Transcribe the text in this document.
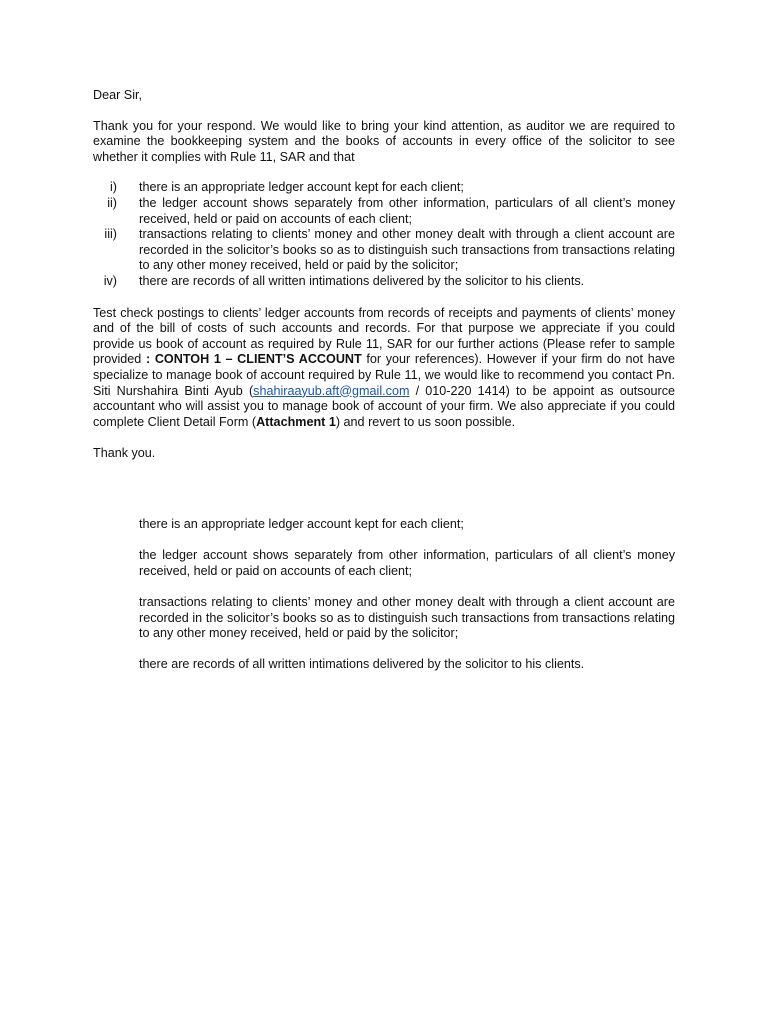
Dear Sir,

Thank you for your respond. We would like to bring your kind attention, as auditor we are required to examine the bookkeeping system and the books of accounts in every office of the solicitor to see whether it complies with Rule 11, SAR and that

i) there is an appropriate ledger account kept for each client;
ii) the ledger account shows separately from other information, particulars of all client’s money received, held or paid on accounts of each client;
iii) transactions relating to clients’ money and other money dealt with through a client account are recorded in the solicitor’s books so as to distinguish such transactions from transactions relating to any other money received, held or paid by the solicitor;
iv) there are records of all written intimations delivered by the solicitor to his clients.

Test check postings to clients’ ledger accounts from records of receipts and payments of clients’ money and of the bill of costs of such accounts and records. For that purpose we appreciate if you could provide us book of account as required by Rule 11, SAR for our further actions (Please refer to sample provided : CONTOH 1 – CLIENT’S ACCOUNT for your references). However if your firm do not have specialize to manage book of account required by Rule 11, we would like to recommend you contact Pn. Siti Nurshahira Binti Ayub (shahiraayub.aft@gmail.com / 010-220 1414) to be appoint as outsource accountant who will assist you to manage book of account of your firm. We also appreciate if you could complete Client Detail Form (Attachment 1) and revert to us soon possible.

Thank you.

there is an appropriate ledger account kept for each client;

the ledger account shows separately from other information, particulars of all client’s money received, held or paid on accounts of each client;

transactions relating to clients’ money and other money dealt with through a client account are recorded in the solicitor’s books so as to distinguish such transactions from transactions relating to any other money received, held or paid by the solicitor;

there are records of all written intimations delivered by the solicitor to his clients.
